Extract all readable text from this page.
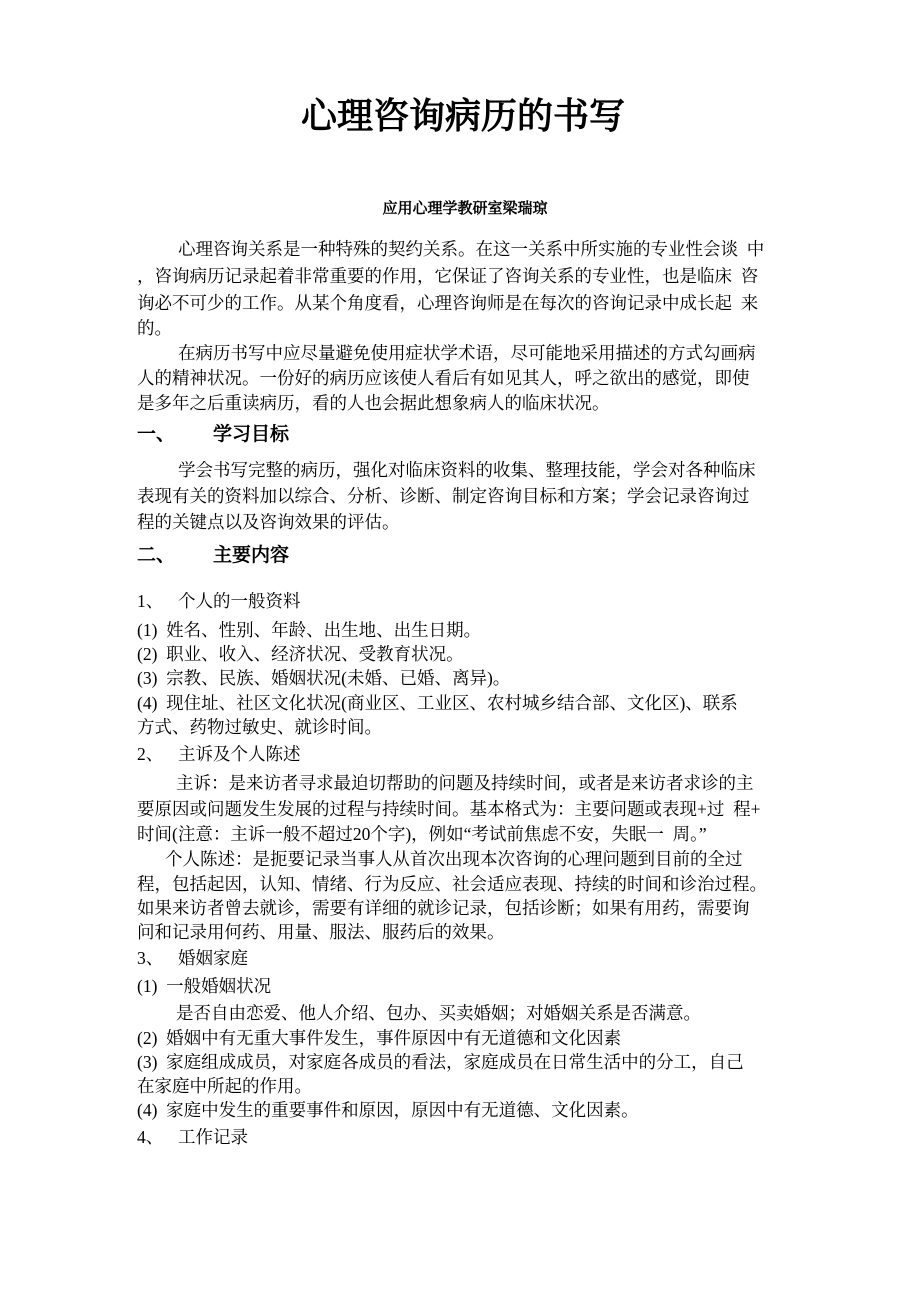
心理咨询病历的书写
应用心理学教研室梁瑞琼
心理咨询关系是一种特殊的契约关系。在这一关系中所实施的专业性会谈  中
，咨询病历记录起着非常重要的作用，它保证了咨询关系的专业性，也是临床  咨
询必不可少的工作。从某个角度看，心理咨询师是在每次的咨询记录中成长起  来
的。
在病历书写中应尽量避免使用症状学术语，尽可能地采用描述的方式勾画病
人的精神状况。一份好的病历应该使人看后有如见其人，呼之欲出的感觉，即使
是多年之后重读病历，看的人也会据此想象病人的临床状况。
一、 学习目标
学会书写完整的病历，强化对临床资料的收集、整理技能，学会对各种临床
表现有关的资料加以综合、分析、诊断、制定咨询目标和方案；学会记录咨询过
程的关键点以及咨询效果的评估。
二、 主要内容
1、 个人的一般资料
(1)  姓名、性别、年龄、出生地、出生日期。
(2)  职业、收入、经济状况、受教育状况。
(3)  宗教、民族、婚姻状况(未婚、已婚、离异)。
(4)  现住址、社区文化状况(商业区、工业区、农村城乡结合部、文化区)、联系
方式、药物过敏史、就诊时间。
2、 主诉及个人陈述
主诉：是来访者寻求最迫切帮助的问题及持续时间，或者是来访者求诊的主
要原因或问题发生发展的过程与持续时间。基本格式为：主要问题或表现+过  程+
时间(注意：主诉一般不超过20个字)，例如“考试前焦虑不安，失眠一  周。”
个人陈述：是扼要记录当事人从首次出现本次咨询的心理问题到目前的全过
程，包括起因，认知、情绪、行为反应、社会适应表现、持续的时间和诊治过程。
如果来访者曾去就诊，需要有详细的就诊记录，包括诊断；如果有用药，需要询
问和记录用何药、用量、服法、服药后的效果。
3、 婚姻家庭
(1)  一般婚姻状况
是否自由恋爱、他人介绍、包办、买卖婚姻；对婚姻关系是否满意。
(2)  婚姻中有无重大事件发生，事件原因中有无道德和文化因素
(3)  家庭组成成员，对家庭各成员的看法，家庭成员在日常生活中的分工，自己
在家庭中所起的作用。
(4)  家庭中发生的重要事件和原因，原因中有无道德、文化因素。
4、 工作记录
